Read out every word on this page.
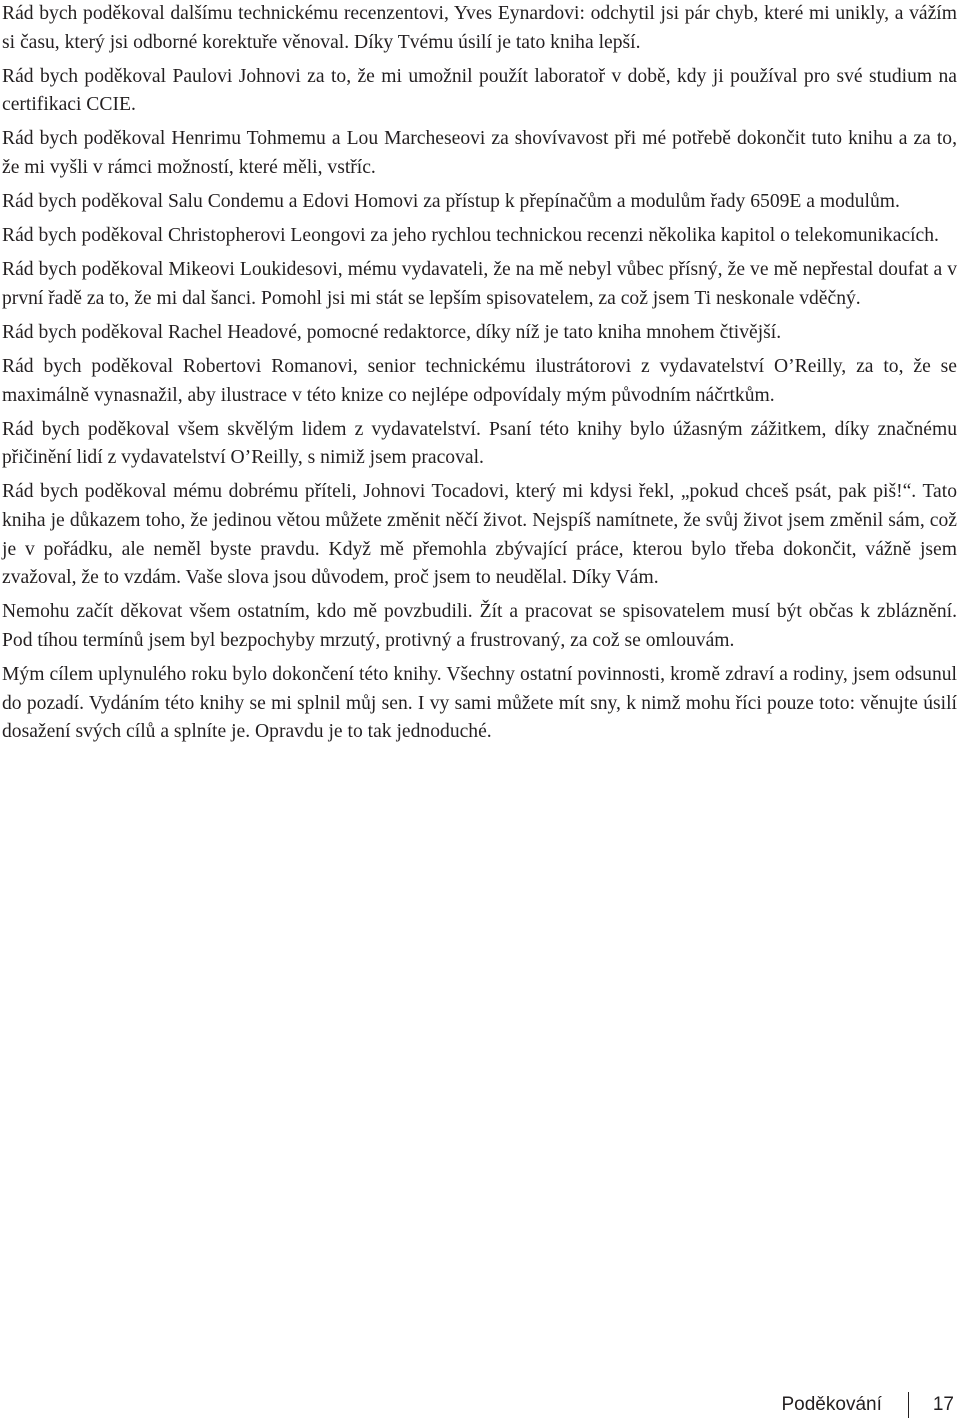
Rád bych poděkoval dalšímu technickému recenzentovi, Yves Eynardovi: odchytil jsi pár chyb, které mi unikly, a vážím si času, který jsi odborné korektuře věnoval. Díky Tvému úsilí je tato kniha lepší.

Rád bych poděkoval Paulovi Johnovi za to, že mi umožnil použít laboratoř v době, kdy ji používal pro své studium na certifikaci CCIE.

Rád bych poděkoval Henrimu Tohmemu a Lou Marcheseovi za shovívavost při mé potřebě dokončit tuto knihu a za to, že mi vyšli v rámci možností, které měli, vstříc.

Rád bych poděkoval Salu Condemu a Edovi Homovi za přístup k přepínačům a modulům řady 6509E a modulům.

Rád bych poděkoval Christopherovi Leongovi za jeho rychlou technickou recenzi několika kapitol o telekomunikacích.

Rád bych poděkoval Mikeovi Loukidesovi, mému vydavateli, že na mě nebyl vůbec přísný, že ve mě nepřestal doufat a v první řadě za to, že mi dal šanci. Pomohl jsi mi stát se lepším spisovatelem, za což jsem Ti neskonale vděčný.

Rád bych poděkoval Rachel Headové, pomocné redaktorce, díky níž je tato kniha mnohem čtivější.

Rád bych poděkoval Robertovi Romanovi, senior technickému ilustrátorovi z vydavatelství O’Reilly, za to, že se maximálně vynasnažil, aby ilustrace v této knize co nejlépe odpovídaly mým původním náčrtkům.

Rád bych poděkoval všem skvělým lidem z vydavatelství. Psaní této knihy bylo úžasným zážitkem, díky značnému přičinění lidí z vydavatelství O’Reilly, s nimiž jsem pracoval.

Rád bych poděkoval mému dobrému příteli, Johnovi Tocadovi, který mi kdysi řekl, „pokud chceš psát, pak piš!“. Tato kniha je důkazem toho, že jedinou větou můžete změnit něčí život. Nejspíš namítnete, že svůj život jsem změnil sám, což je v pořádku, ale neměl byste pravdu. Když mě přemohla zbývající práce, kterou bylo třeba dokončit, vážně jsem zvažoval, že to vzdám. Vaše slova jsou důvodem, proč jsem to neudělal. Díky Vám.

Nemohu začít děkovat všem ostatním, kdo mě povzbudili. Žít a pracovat se spisovatelem musí být občas k zbláznění. Pod tíhou termínů jsem byl bezpochyby mrzutý, protivný a frustrovaný, za což se omlouvám.

Mým cílem uplynulého roku bylo dokončení této knihy. Všechny ostatní povinnosti, kromě zdraví a rodiny, jsem odsunul do pozadí. Vydáním této knihy se mi splnil můj sen. I vy sami můžete mít sny, k nimž mohu říci pouze toto: věnujte úsilí dosažení svých cílů a splníte je. Opravdu je to tak jednoduché.

Poděkování	17
